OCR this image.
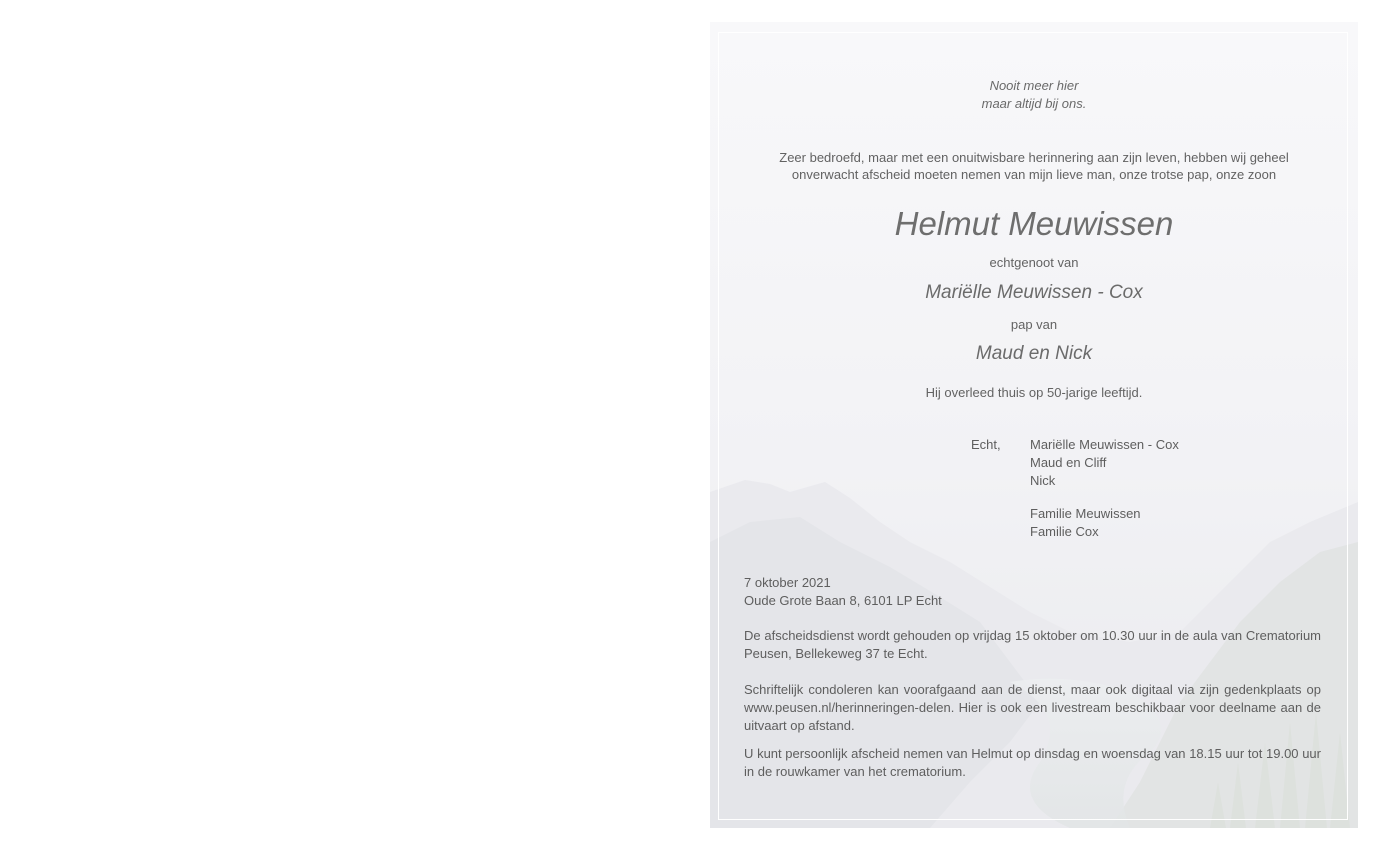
Nooit meer hier
maar altijd bij ons.
Zeer bedroefd, maar met een onuitwisbare herinnering aan zijn leven, hebben wij geheel
onverwacht afscheid moeten nemen van mijn lieve man, onze trotse pap, onze zoon
Helmut Meuwissen
echtgenoot van
Mariëlle Meuwissen - Cox
pap van
Maud en Nick
Hij overleed thuis op 50-jarige leeftijd.
Echt, Mariëlle Meuwissen - Cox
Maud en Cliff
Nick
Familie Meuwissen
Familie Cox
7 oktober 2021
Oude Grote Baan 8, 6101 LP Echt
De afscheidsdienst wordt gehouden op vrijdag 15 oktober om 10.30 uur in de aula van Crematorium Peusen, Bellekeweg 37 te Echt.
Schriftelijk condoleren kan voorafgaand aan de dienst, maar ook digitaal via zijn gedenkplaats op www.peusen.nl/herinneringen-delen. Hier is ook een livestream beschikbaar voor deelname aan de uitvaart op afstand.
U kunt persoonlijk afscheid nemen van Helmut op dinsdag en woensdag van 18.15 uur tot 19.00 uur in de rouwkamer van het crematorium.
